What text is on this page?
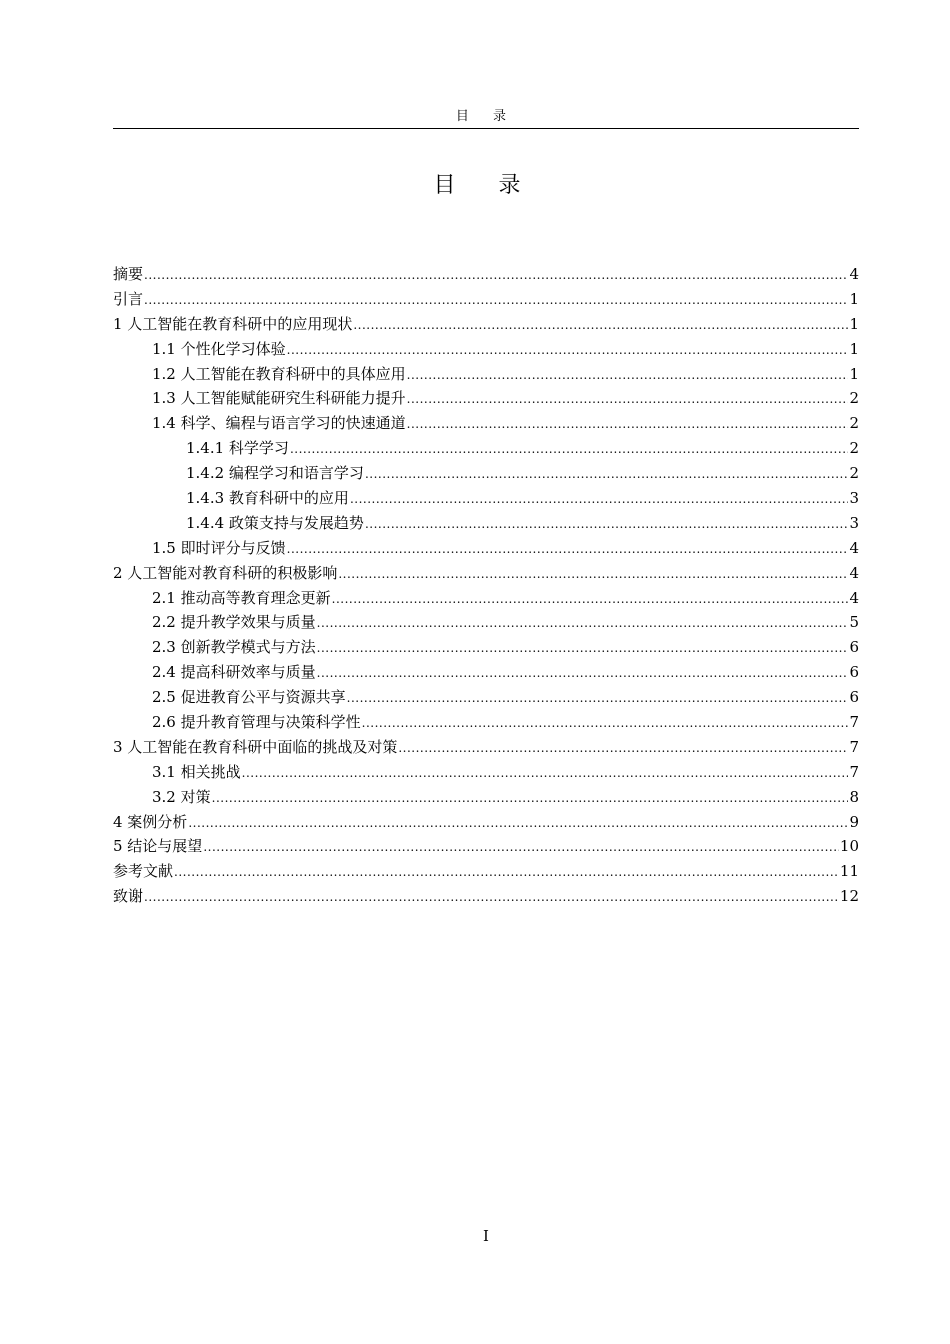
目 录
目 录
摘要 .....	4
引言 .....	1
1 人工智能在教育科研中的应用现状 .....	1
1.1 个性化学习体验 .....	1
1.2 人工智能在教育科研中的具体应用 .....	1
1.3 人工智能赋能研究生科研能力提升 .....	2
1.4 科学、编程与语言学习的快速通道 .....	2
1.4.1 科学学习 .....	2
1.4.2 编程学习和语言学习 .....	2
1.4.3 教育科研中的应用 .....	3
1.4.4 政策支持与发展趋势 .....	3
1.5 即时评分与反馈 .....	4
2 人工智能对教育科研的积极影响 .....	4
2.1 推动高等教育理念更新 .....	4
2.2 提升教学效果与质量 .....	5
2.3 创新教学模式与方法 .....	6
2.4 提高科研效率与质量 .....	6
2.5 促进教育公平与资源共享 .....	6
2.6 提升教育管理与决策科学性 .....	7
3 人工智能在教育科研中面临的挑战及对策 .....	7
3.1 相关挑战 .....	7
3.2 对策 .....	8
4 案例分析 .....	9
5 结论与展望 .....	10
参考文献 .....	11
致谢 .....	12
I
